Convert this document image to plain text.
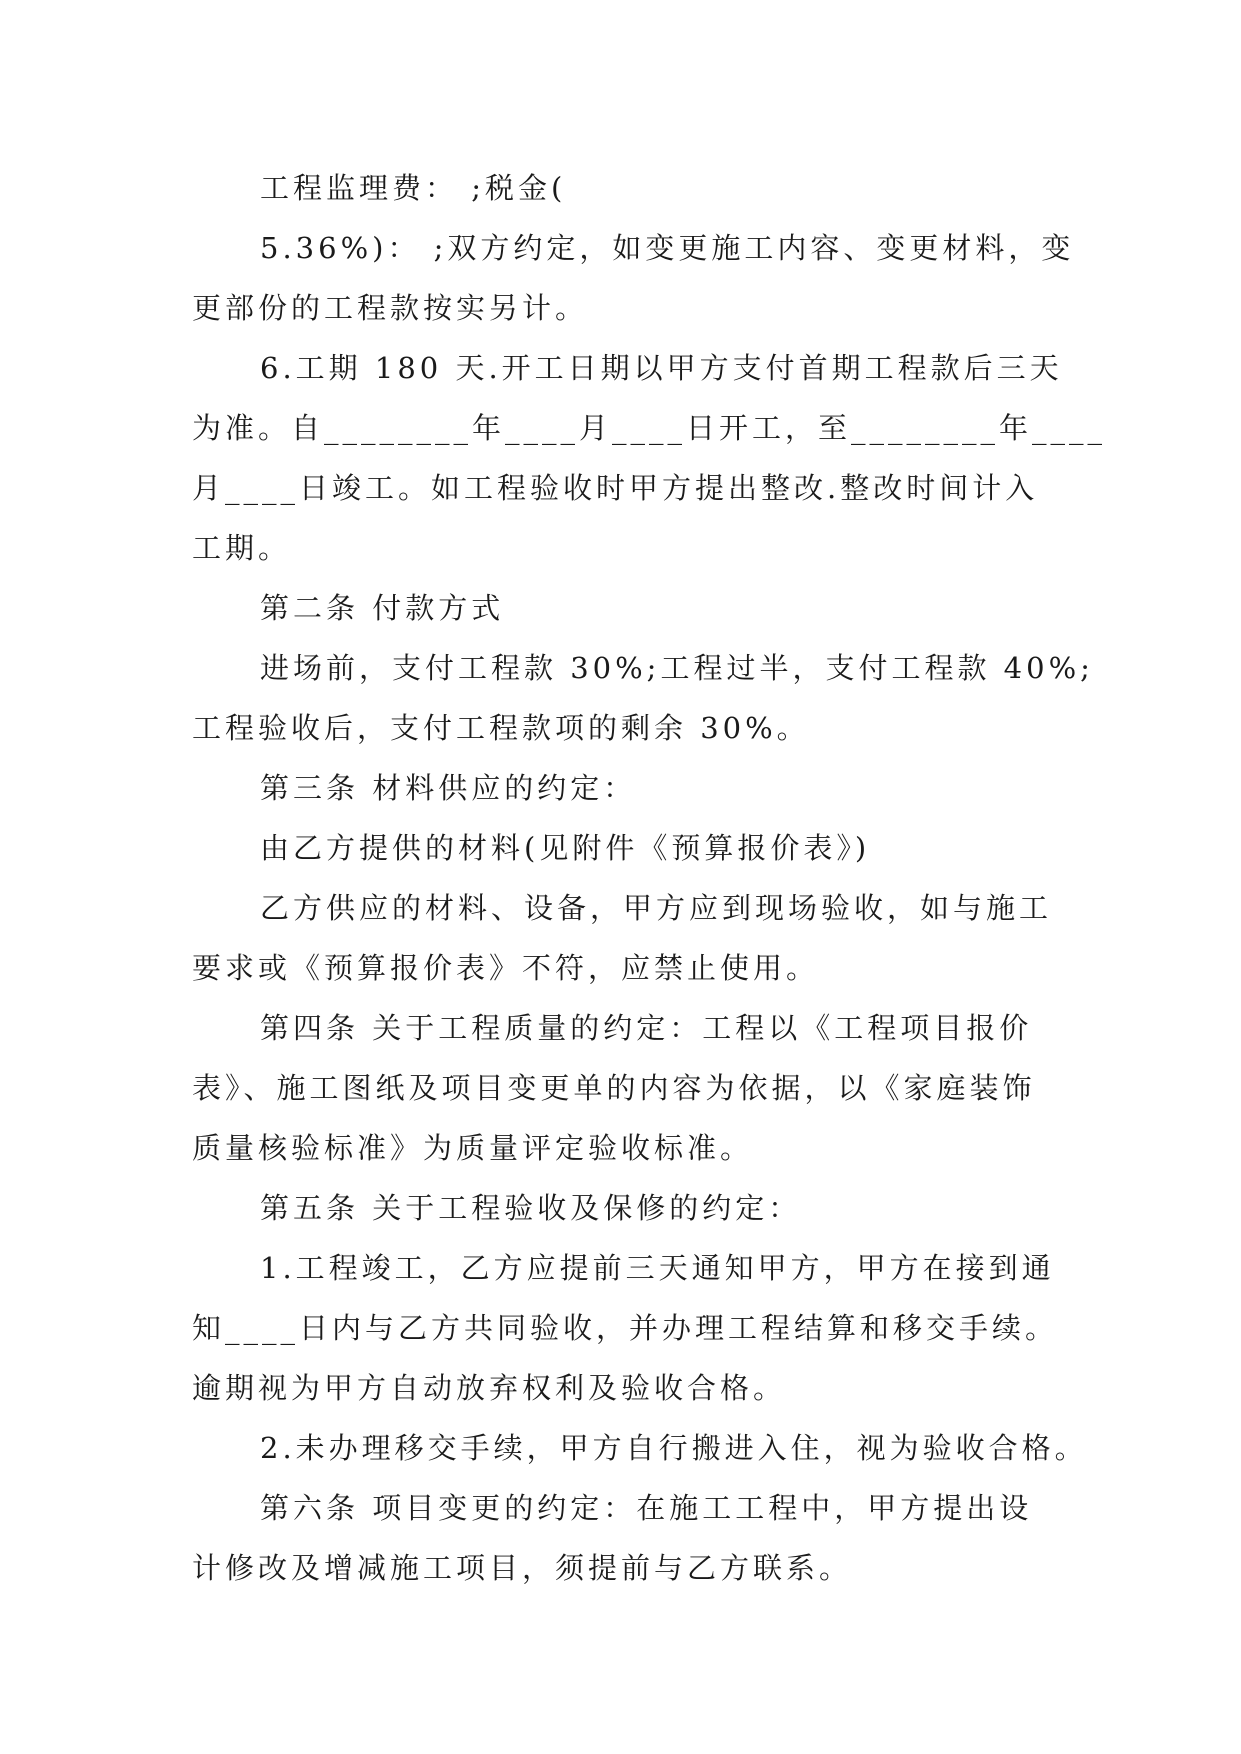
工程监理费： ;税金(
5.36%)： ;双方约定，如变更施工内容、变更材料，变
更部份的工程款按实另计。
6.工期 180 天.开工日期以甲方支付首期工程款后三天
为准。自________年____月____日开工，至________年____
月____日竣工。如工程验收时甲方提出整改.整改时间计入
工期。
第二条 付款方式
进场前，支付工程款 30%;工程过半，支付工程款 40%;
工程验收后，支付工程款项的剩余 30%。
第三条 材料供应的约定：
由乙方提供的材料(见附件《预算报价表》)
乙方供应的材料、设备，甲方应到现场验收，如与施工
要求或《预算报价表》不符，应禁止使用。
第四条 关于工程质量的约定：工程以《工程项目报价
表》、施工图纸及项目变更单的内容为依据，以《家庭装饰
质量核验标准》为质量评定验收标准。
第五条 关于工程验收及保修的约定：
1.工程竣工，乙方应提前三天通知甲方，甲方在接到通
知____日内与乙方共同验收，并办理工程结算和移交手续。
逾期视为甲方自动放弃权利及验收合格。
2.未办理移交手续，甲方自行搬进入住，视为验收合格。
第六条 项目变更的约定：在施工工程中，甲方提出设
计修改及增减施工项目，须提前与乙方联系。
